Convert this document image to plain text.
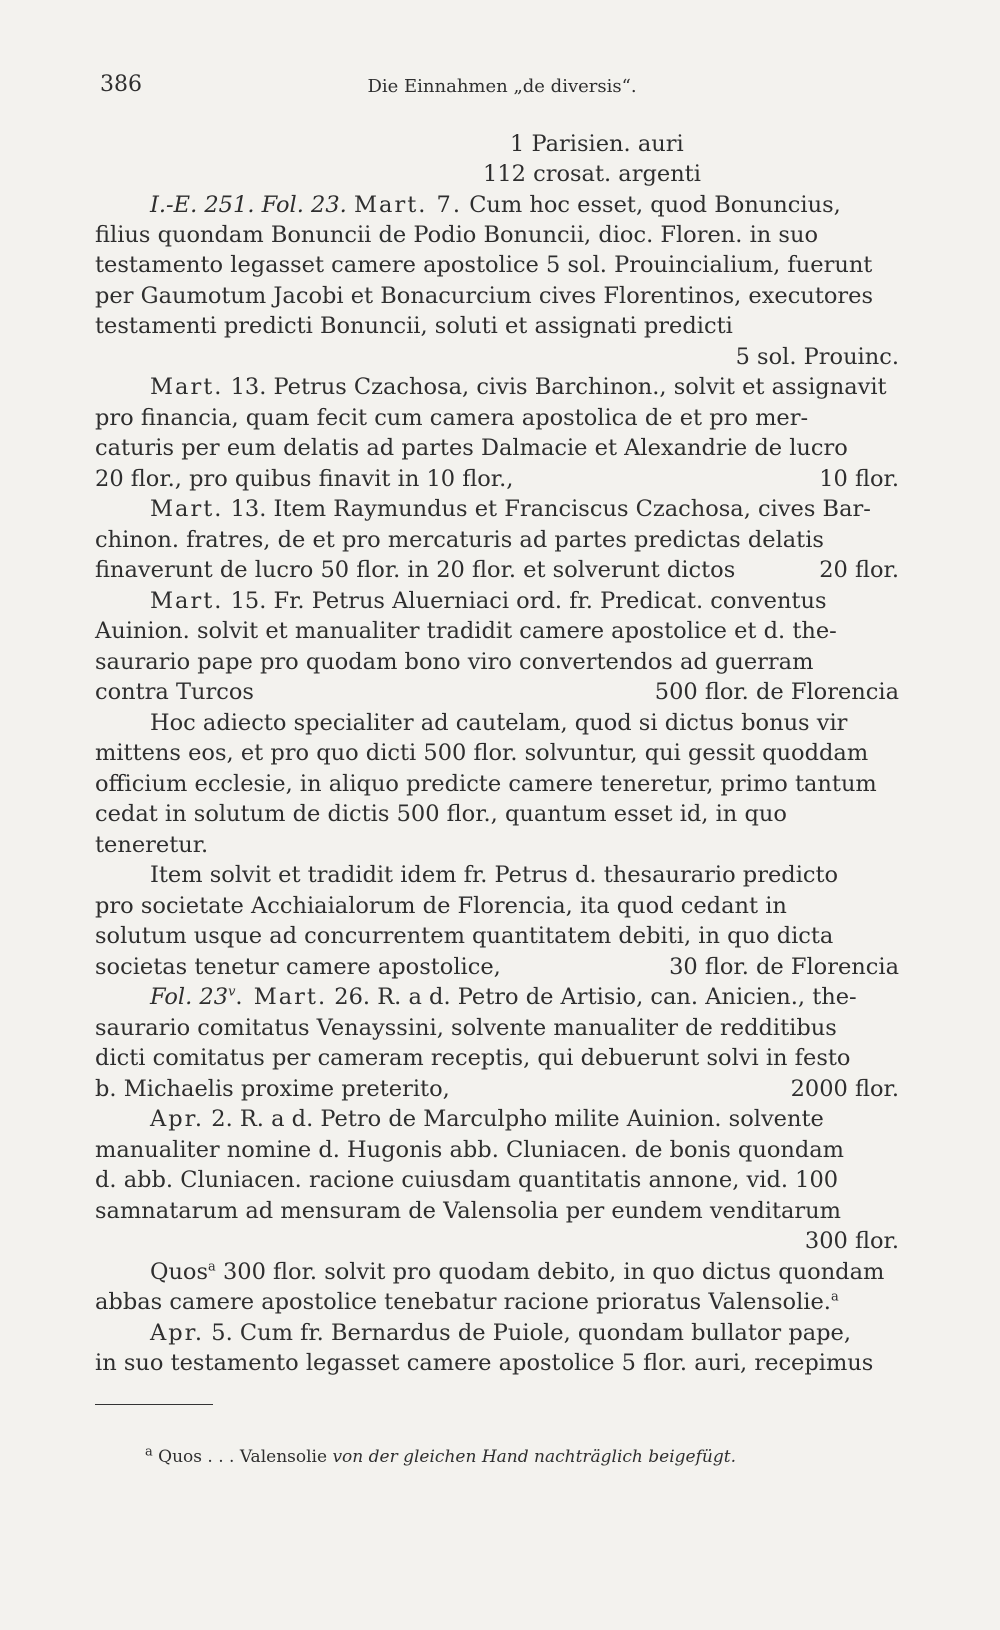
386	Die Einnahmen „de diversis“.
1 Parisien. auri
112 crosat. argenti
I.-E. 251. Fol. 23. Mart. 7. Cum hoc esset, quod Bonuncius,
filius quondam Bonuncii de Podio Bonuncii, dioc. Floren. in suo
testamento legasset camere apostolice 5 sol. Prouincialium, fuerunt
per Gaumotum Jacobi et Bonacurcium cives Florentinos, executores
testamenti predicti Bonuncii, soluti et assignati predicti
5 sol. Prouinc.
Mart. 13. Petrus Czachosa, civis Barchinon., solvit et assignavit
pro financia, quam fecit cum camera apostolica de et pro mer-
caturis per eum delatis ad partes Dalmacie et Alexandrie de lucro
20 flor., pro quibus finavit in 10 flor.,	10 flor.
Mart. 13. Item Raymundus et Franciscus Czachosa, cives Bar-
chinon. fratres, de et pro mercaturis ad partes predictas delatis
finaverunt de lucro 50 flor. in 20 flor. et solverunt dictos	20 flor.
Mart. 15. Fr. Petrus Aluerniaci ord. fr. Predicat. conventus
Auinion. solvit et manualiter tradidit camere apostolice et d. the-
saurario pape pro quodam bono viro convertendos ad guerram
contra Turcos	500 flor. de Florencia
Hoc adiecto specialiter ad cautelam, quod si dictus bonus vir
mittens eos, et pro quo dicti 500 flor. solvuntur, qui gessit quoddam
officium ecclesie, in aliquo predicte camere teneretur, primo tantum
cedat in solutum de dictis 500 flor., quantum esset id, in quo
teneretur.
Item solvit et tradidit idem fr. Petrus d. thesaurario predicto
pro societate Acchiaialorum de Florencia, ita quod cedant in
solutum usque ad concurrentem quantitatem debiti, in quo dicta
societas tenetur camere apostolice,	30 flor. de Florencia
Fol. 23$^v$. Mart. 26. R. a d. Petro de Artisio, can. Anicien., the-
saurario comitatus Venayssini, solvente manualiter de redditibus
dicti comitatus per cameram receptis, qui debuerunt solvi in festo
b. Michaelis proxime preterito,	2000 flor.
Apr. 2. R. a d. Petro de Marculpho milite Auinion. solvente
manualiter nomine d. Hugonis abb. Cluniacen. de bonis quondam
d. abb. Cluniacen. racione cuiusdam quantitatis annone, vid. 100
samnatarum ad mensuram de Valensolia per eundem venditarum
300 flor.
Quos$^a$ 300 flor. solvit pro quodam debito, in quo dictus quondam
abbas camere apostolice tenebatur racione prioratus Valensolie.$^a$
Apr. 5. Cum fr. Bernardus de Puiole, quondam bullator pape,
in suo testamento legasset camere apostolice 5 flor. auri, recepimus
$^a$ Quos . . . Valensolie von der gleichen Hand nachträglich beigefügt.
